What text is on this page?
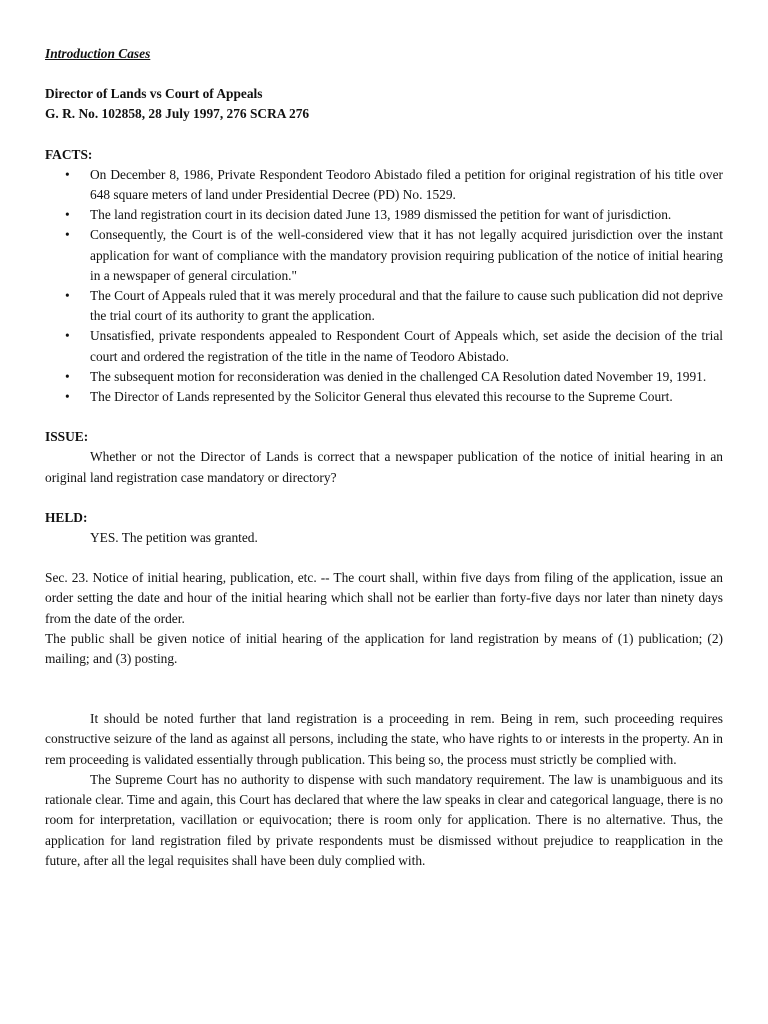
Introduction Cases
Director of Lands vs Court of Appeals
G. R. No. 102858, 28 July 1997, 276 SCRA 276
FACTS:
• On December 8, 1986, Private Respondent Teodoro Abistado filed a petition for original registration of his title over 648 square meters of land under Presidential Decree (PD) No. 1529.
• The land registration court in its decision dated June 13, 1989 dismissed the petition for want of jurisdiction.
• Consequently, the Court is of the well-considered view that it has not legally acquired jurisdiction over the instant application for want of compliance with the mandatory provision requiring publication of the notice of initial hearing in a newspaper of general circulation."
• The Court of Appeals ruled that it was merely procedural and that the failure to cause such publication did not deprive the trial court of its authority to grant the application.
• Unsatisfied, private respondents appealed to Respondent Court of Appeals which, set aside the decision of the trial court and ordered the registration of the title in the name of Teodoro Abistado.
• The subsequent motion for reconsideration was denied in the challenged CA Resolution dated November 19, 1991.
• The Director of Lands represented by the Solicitor General thus elevated this recourse to the Supreme Court.
ISSUE:

Whether or not the Director of Lands is correct that a newspaper publication of the notice of initial hearing in an original land registration case mandatory or directory?

HELD:

YES. The petition was granted.

Sec. 23. Notice of initial hearing, publication, etc. -- The court shall, within five days from filing of the application, issue an order setting the date and hour of the initial hearing which shall not be earlier than forty-five days nor later than ninety days from the date of the order.

The public shall be given notice of initial hearing of the application for land registration by means of (1) publication; (2) mailing; and (3) posting.

It should be noted further that land registration is a proceeding in rem. Being in rem, such proceeding requires constructive seizure of the land as against all persons, including the state, who have rights to or interests in the property. An in rem proceeding is validated essentially through publication. This being so, the process must strictly be complied with.

The Supreme Court has no authority to dispense with such mandatory requirement. The law is unambiguous and its rationale clear. Time and again, this Court has declared that where the law speaks in clear and categorical language, there is no room for interpretation, vacillation or equivocation; there is room only for application. There is no alternative. Thus, the application for land registration filed by private respondents must be dismissed without prejudice to reapplication in the future, after all the legal requisites shall have been duly complied with.
